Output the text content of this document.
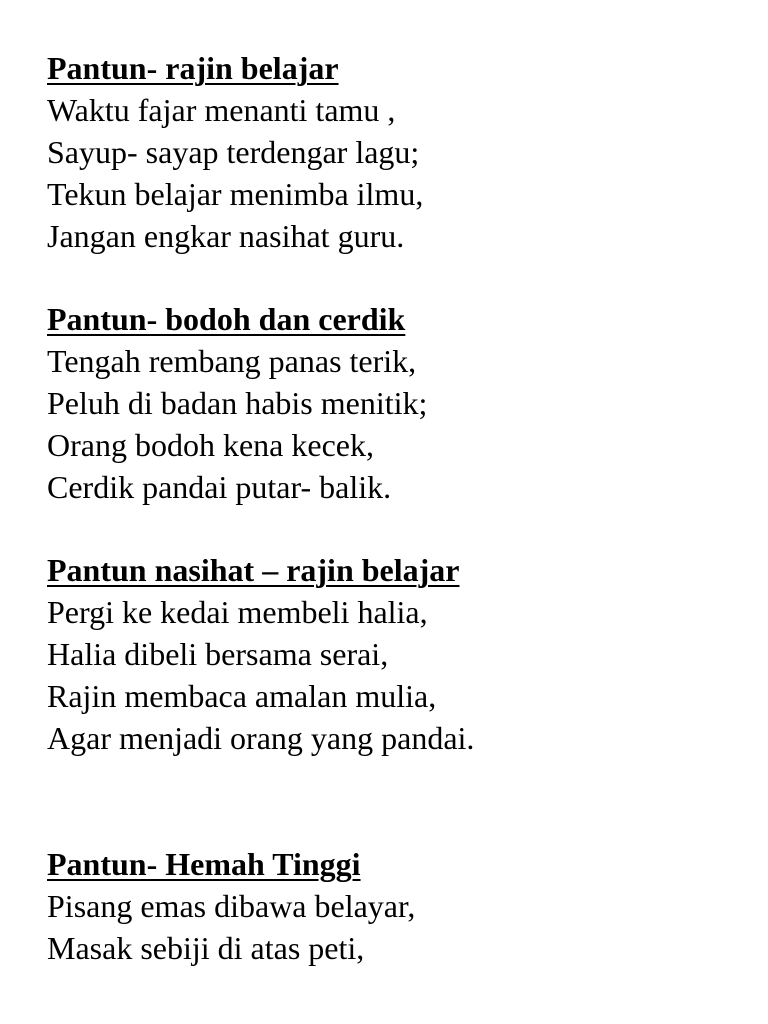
Pantun- rajin belajar

Waktu fajar menanti tamu ,

Sayup- sayap terdengar lagu;

Tekun belajar menimba ilmu,

Jangan engkar nasihat guru.

Pantun- bodoh dan cerdik

Tengah rembang panas terik,

Peluh di badan habis menitik;

Orang bodoh kena kecek,

Cerdik pandai putar- balik.

Pantun nasihat – rajin belajar

Pergi ke kedai membeli halia,

Halia dibeli bersama serai,

Rajin membaca amalan mulia,

Agar menjadi orang yang pandai.

Pantun- Hemah Tinggi

Pisang emas dibawa belayar,

Masak sebiji di atas peti,
